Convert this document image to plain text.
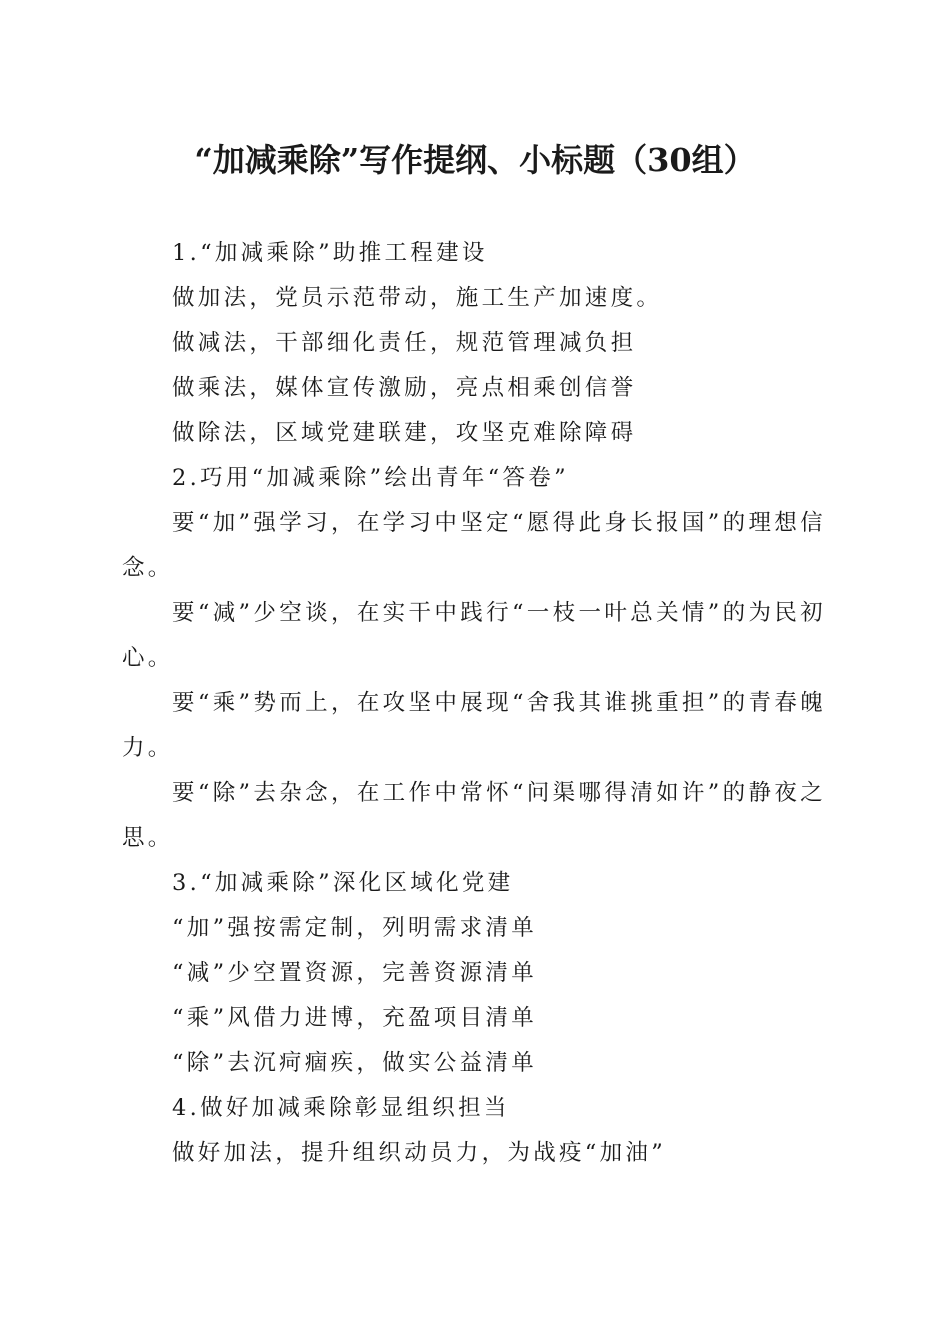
“加减乘除”写作提纲、小标题（30组）
1.“加减乘除”助推工程建设
做加法，党员示范带动，施工生产加速度。
做减法，干部细化责任，规范管理减负担
做乘法，媒体宣传激励，亮点相乘创信誉
做除法，区域党建联建，攻坚克难除障碍
2.巧用“加减乘除”绘出青年“答卷”
要“加”强学习，在学习中坚定“愿得此身长报国”的理想信念。
要“减”少空谈，在实干中践行“一枝一叶总关情”的为民初心。
要“乘”势而上，在攻坚中展现“舍我其谁挑重担”的青春魄力。
要“除”去杂念，在工作中常怀“问渠哪得清如许”的静夜之思。
3.“加减乘除”深化区域化党建
“加”强按需定制，列明需求清单
“减”少空置资源，完善资源清单
“乘”风借力进博，充盈项目清单
“除”去沉疴痼疾，做实公益清单
4.做好加减乘除彰显组织担当
做好加法，提升组织动员力，为战疫“加油”
